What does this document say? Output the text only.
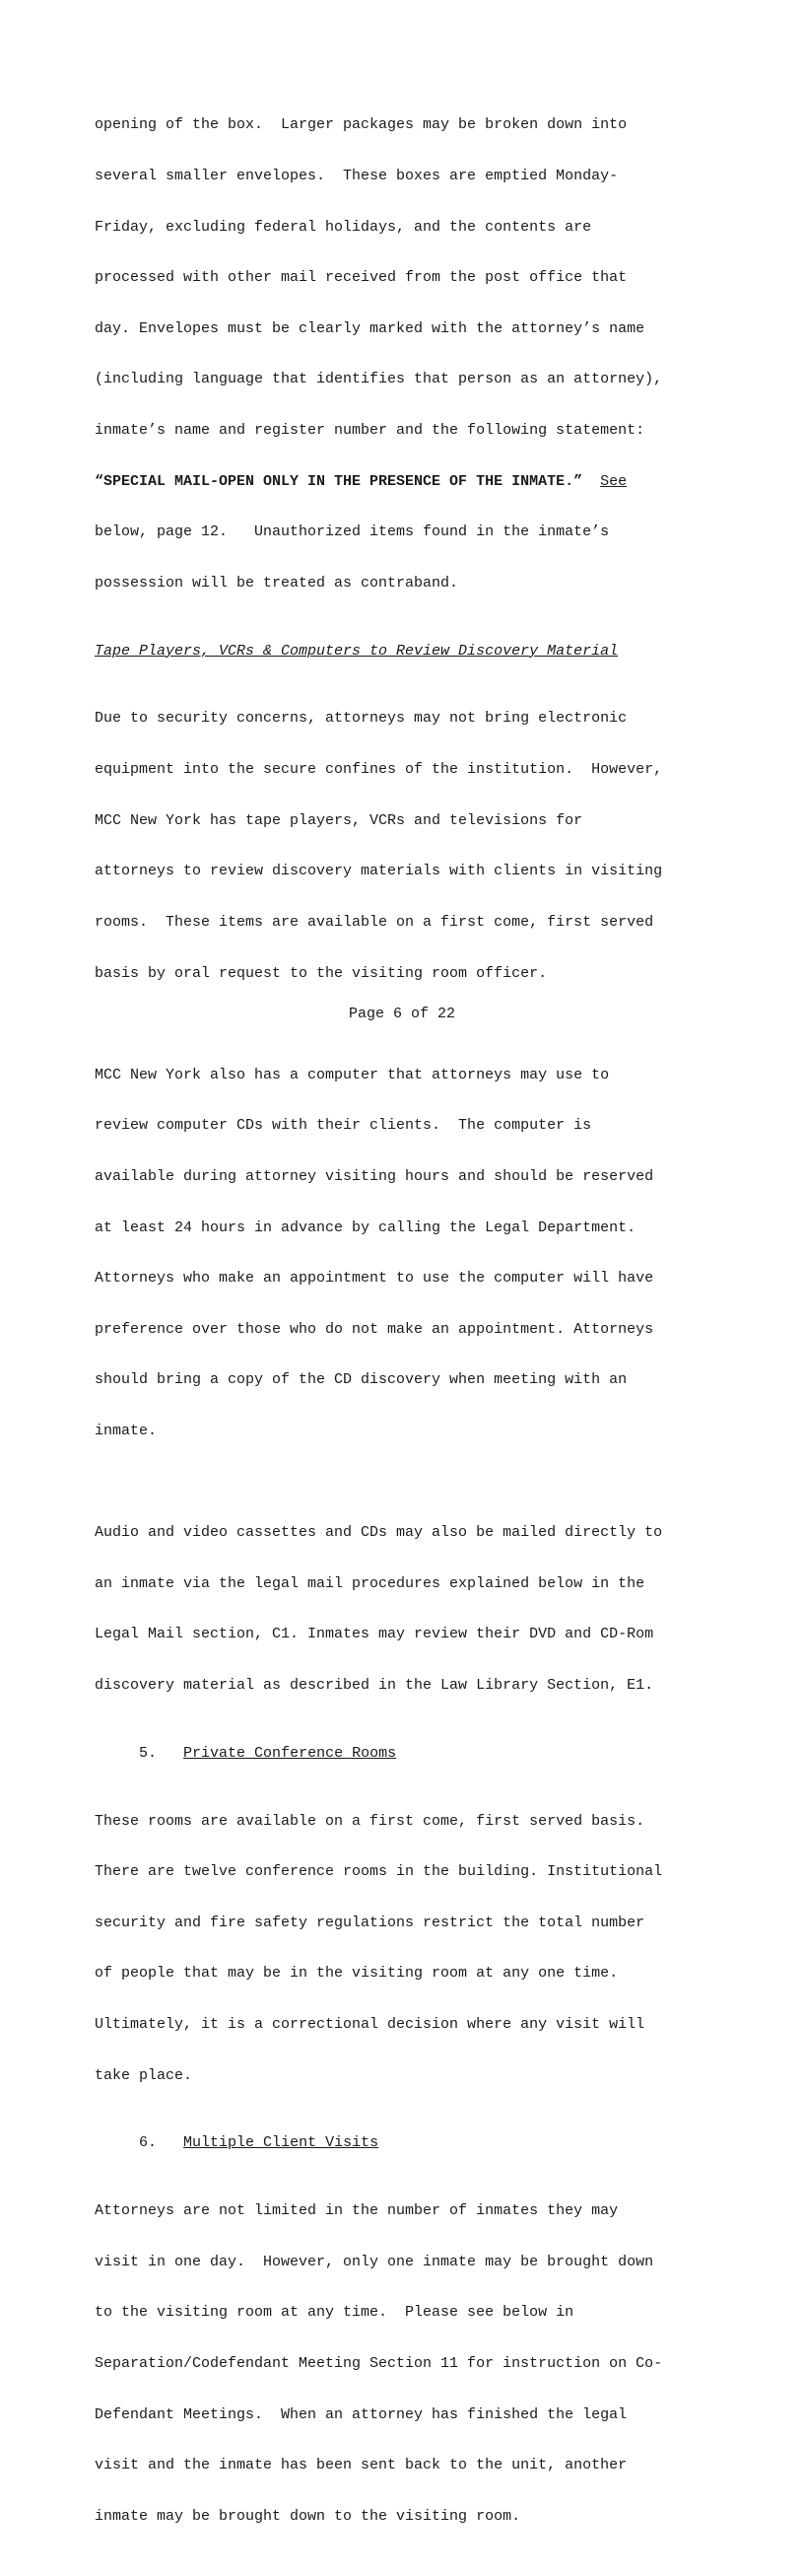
opening of the box.  Larger packages may be broken down into

several smaller envelopes.  These boxes are emptied Monday-

Friday, excluding federal holidays, and the contents are

processed with other mail received from the post office that

day. Envelopes must be clearly marked with the attorney’s name

(including language that identifies that person as an attorney),

inmate’s name and register number and the following statement:

“SPECIAL MAIL-OPEN ONLY IN THE PRESENCE OF THE INMATE.” See

below, page 12.   Unauthorized items found in the inmate’s

possession will be treated as contraband.

Tape Players, VCRs & Computers to Review Discovery Material

Due to security concerns, attorneys may not bring electronic

equipment into the secure confines of the institution.  However,

MCC New York has tape players, VCRs and televisions for

attorneys to review discovery materials with clients in visiting

rooms.  These items are available on a first come, first served

basis by oral request to the visiting room officer.

MCC New York also has a computer that attorneys may use to

review computer CDs with their clients.  The computer is

available during attorney visiting hours and should be reserved

at least 24 hours in advance by calling the Legal Department.

Attorneys who make an appointment to use the computer will have

preference over those who do not make an appointment. Attorneys

should bring a copy of the CD discovery when meeting with an

inmate.

Audio and video cassettes and CDs may also be mailed directly to

an inmate via the legal mail procedures explained below in the

Legal Mail section, C1. Inmates may review their DVD and CD-Rom

discovery material as described in the Law Library Section, E1.

5. Private Conference Rooms

These rooms are available on a first come, first served basis.

There are twelve conference rooms in the building. Institutional

security and fire safety regulations restrict the total number

of people that may be in the visiting room at any one time.

Ultimately, it is a correctional decision where any visit will

take place.

6. Multiple Client Visits

Attorneys are not limited in the number of inmates they may

visit in one day.  However, only one inmate may be brought down

to the visiting room at any time.  Please see below in

Separation/Codefendant Meeting Section 11 for instruction on Co-

Defendant Meetings.  When an attorney has finished the legal

visit and the inmate has been sent back to the unit, another

inmate may be brought down to the visiting room.

Page 6 of 22
